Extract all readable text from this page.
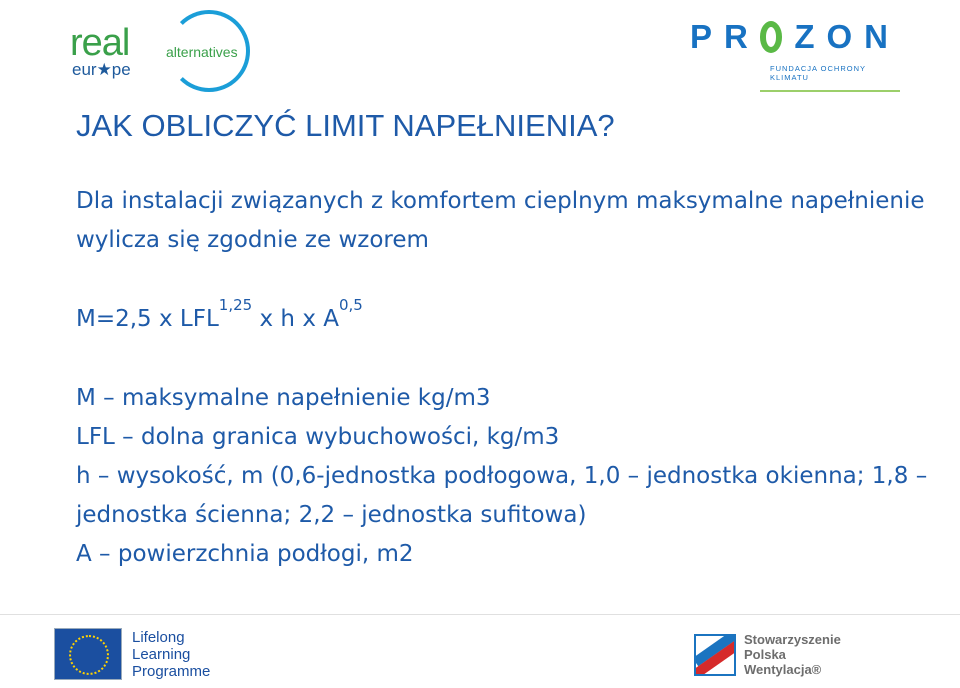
real	alternatives
eur★pe
PR ZON
FUNDACJA OCHRONY KLIMATU
JAK OBLICZYĆ LIMIT NAPEŁNIENIA?

Dla instalacji związanych z komfortem cieplnym maksymalne napełnienie wylicza się zgodnie ze wzorem

M=2,5 x LFL$^{1,25}$ x h x A$^{0,5}$

M – maksymalne napełnienie kg/m3

LFL – dolna granica wybuchowości, kg/m3

h – wysokość, m (0,6-jednostka podłogowa, 1,0 – jednostka okienna; 1,8 – jednostka ścienna; 2,2 – jednostka sufitowa)

A – powierzchnia podłogi, m2

Lifelong
Learning
Programme
Stowarzyszenie
Polska
Wentylacja®
